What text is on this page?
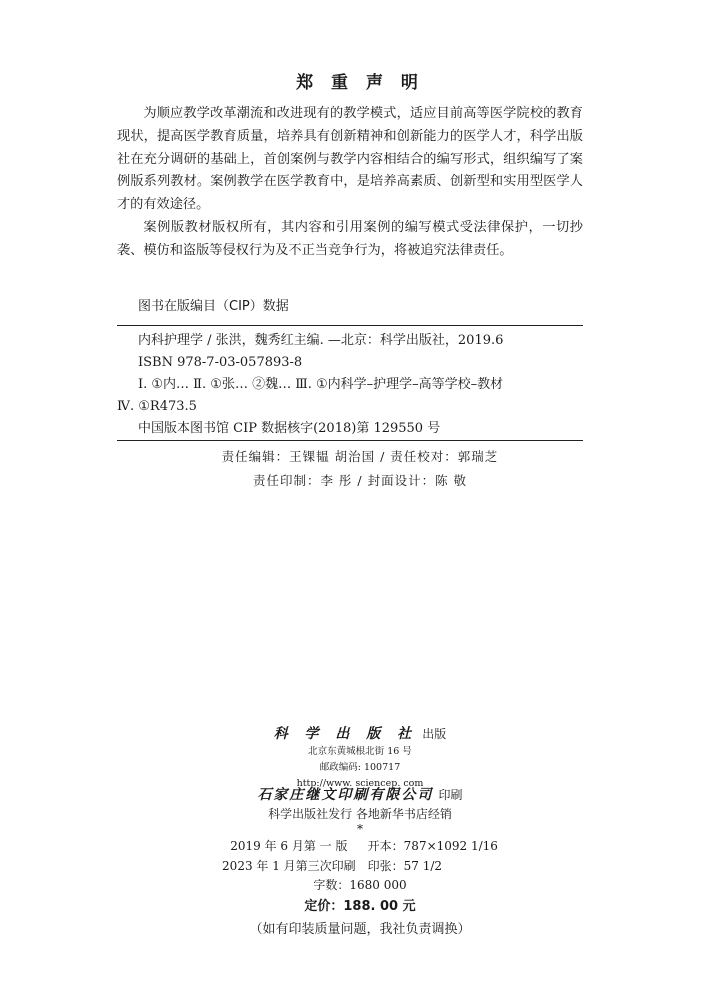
郑 重 声 明

为顺应教学改革潮流和改进现有的教学模式，适应目前高等医学院校的教育现状，提高医学教育质量，培养具有创新精神和创新能力的医学人才，科学出版社在充分调研的基础上，首创案例与教学内容相结合的编写形式，组织编写了案例版系列教材。案例教学在医学教育中，是培养高素质、创新型和实用型医学人才的有效途径。

案例版教材版权所有，其内容和引用案例的编写模式受法律保护，一切抄袭、模仿和盗版等侵权行为及不正当竞争行为，将被追究法律责任。

图书在版编目（CIP）数据
内科护理学 / 张洪，魏秀红主编. —北京：科学出版社，2019.6
ISBN 978-7-03-057893-8
Ⅰ. ①内… Ⅱ. ①张… ②魏… Ⅲ. ①内科学–护理学–高等学校–教材
Ⅳ. ①R473.5
中国版本图书馆 CIP 数据核字(2018)第 129550 号
责任编辑：王锞韫 胡治国 / 责任校对：郭瑞芝
责任印制：李 彤 / 封面设计：陈 敬
科 学 出 版 社 出版
北京东黄城根北街 16 号
邮政编码: 100717
http://www. sciencep. com
石家庄继文印刷有限公司 印刷
科学出版社发行 各地新华书店经销
*
2019 年 6 月第 一 版	开本：787×1092 1/16
2023 年 1 月第三次印刷	印张：57 1/2
字数：1680 000
定价：188. 00 元
（如有印装质量问题，我社负责调换）
